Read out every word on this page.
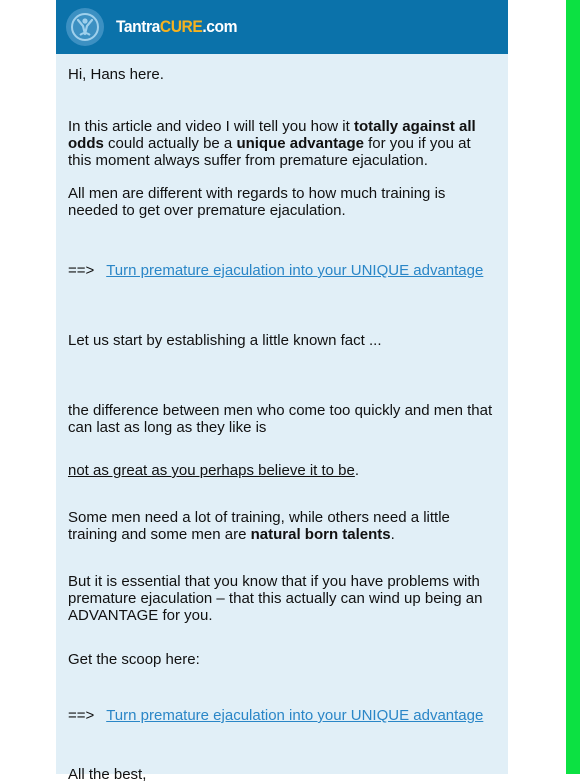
TantraCURE.com

Hi, Hans here.

In this article and video I will tell you how it totally against all odds could actually be a unique advantage for you if you at this moment always suffer from premature ejaculation.

All men are different with regards to how much training is needed to get over premature ejaculation.

==> Turn premature ejaculation into your UNIQUE advantage

Let us start by establishing a little known fact ...

the difference between men who come too quickly and men that can last as long as they like is

not as great as you perhaps believe it to be.

Some men need a lot of training, while others need a little training and some men are natural born talents.

But it is essential that you know that if you have problems with premature ejaculation – that this actually can wind up being an ADVANTAGE for you.

Get the scoop here:

==> Turn premature ejaculation into your UNIQUE advantage

All the best,
